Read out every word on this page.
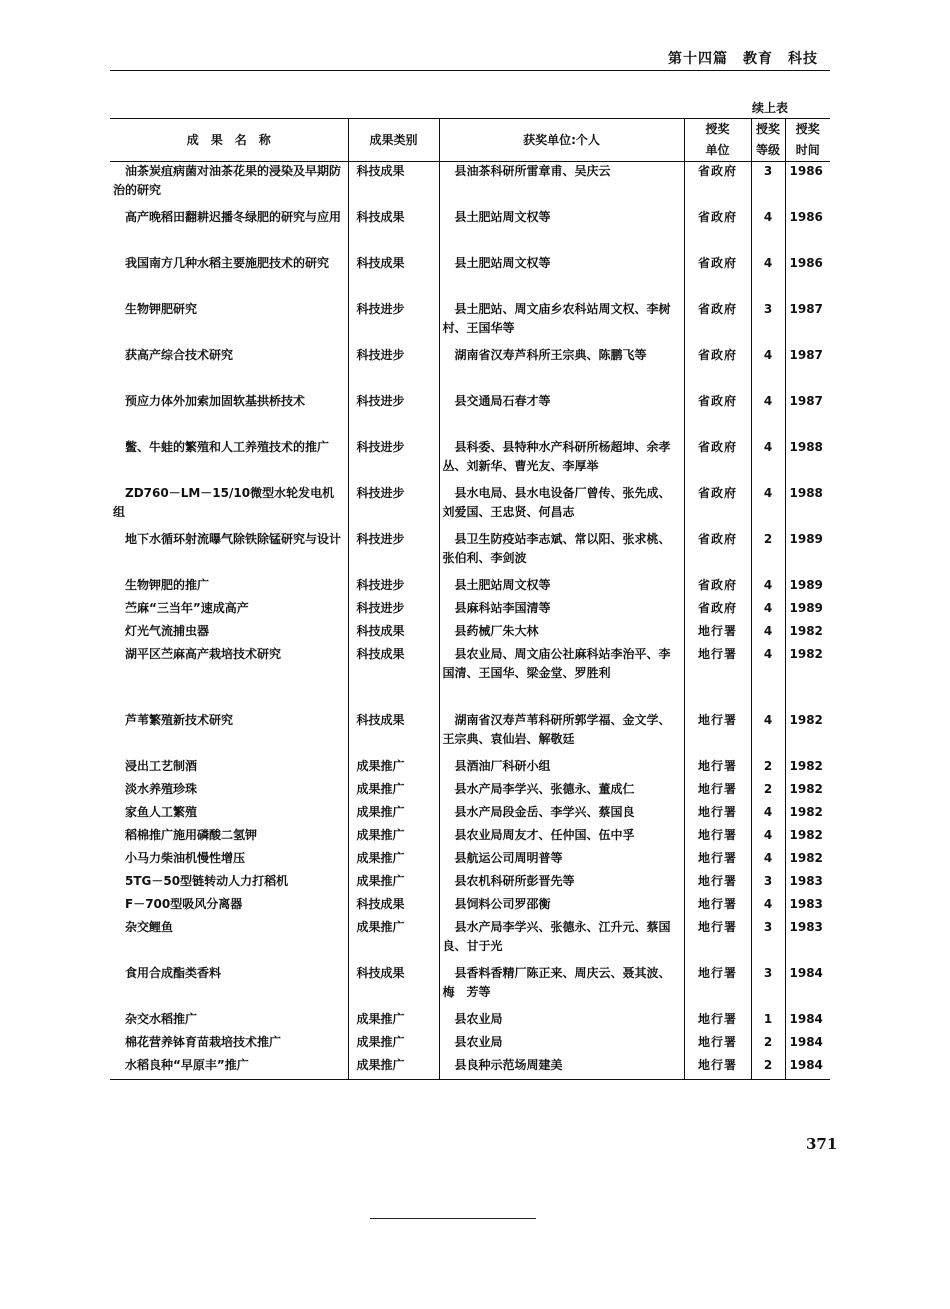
第十四篇　教育　科技
续上表
成　果　名　称	成果类别	获奖单位:个人	授奖	授奖	授奖
			单位	等级	时间
油茶炭疽病菌对油茶花果的浸染及早期防治的研究	科技成果	县油茶科研所雷章甫、吴庆云	省政府	3	1986
高产晚稻田翻耕迟播冬绿肥的研究与应用	科技成果	县土肥站周文权等	省政府	4	1986
我国南方几种水稻主要施肥技术的研究	科技成果	县土肥站周文权等	省政府	4	1986
生物钾肥研究	科技进步	县土肥站、周文庙乡农科站周文权、李树村、王国华等	省政府	3	1987
获高产综合技术研究	科技进步	湖南省汉寿芦科所王宗典、陈鹏飞等	省政府	4	1987
预应力体外加索加固软基拱桥技术	科技进步	县交通局石春才等	省政府	4	1987
鳖、牛蛙的繁殖和人工养殖技术的推广	科技进步	县科委、县特种水产科研所杨超坤、余孝丛、刘新华、曹光友、李厚举	省政府	4	1988
ZD760－LM－15/10微型水轮发电机组	科技进步	县水电局、县水电设备厂曾传、张先成、刘爱国、王忠贤、何昌志	省政府	4	1988
地下水循环射流曝气除铁除锰研究与设计	科技进步	县卫生防疫站李志斌、常以阳、张求桃、张伯利、李剑波	省政府	2	1989
生物钾肥的推广	科技进步	县土肥站周文权等	省政府	4	1989
苎麻“三当年”速成高产	科技进步	县麻科站李国清等	省政府	4	1989
灯光气流捕虫器	科技成果	县药械厂朱大林	地行署	4	1982
湖平区苎麻高产栽培技术研究	科技成果	县农业局、周文庙公社麻科站李治平、李国清、王国华、梁金堂、罗胜利	地行署	4	1982
芦苇繁殖新技术研究	科技成果	湖南省汉寿芦苇科研所郭学福、金文学、王宗典、袁仙岩、解敬廷	地行署	4	1982
浸出工艺制酒	成果推广	县酒油厂科研小组	地行署	2	1982
淡水养殖珍珠	成果推广	县水产局李学兴、张德永、董成仁	地行署	2	1982
家鱼人工繁殖	成果推广	县水产局段金岳、李学兴、蔡国良	地行署	4	1982
稻棉推广施用磷酸二氢钾	成果推广	县农业局周友才、任仲国、伍中孚	地行署	4	1982
小马力柴油机慢性增压	成果推广	县航运公司周明普等	地行署	4	1982
5TG－50型链转动人力打稻机	成果推广	县农机科研所彭晋先等	地行署	3	1983
F－700型吸风分离器	科技成果	县饲料公司罗邵衡	地行署	4	1983
杂交鲤鱼	成果推广	县水产局李学兴、张德永、江升元、蔡国良、甘于光	地行署	3	1983
食用合成酯类香料	科技成果	县香料香精厂陈正来、周庆云、聂其波、梅　芳等	地行署	3	1984
杂交水稻推广	成果推广	县农业局	地行署	1	1984
棉花营养钵育苗栽培技术推广	成果推广	县农业局	地行署	2	1984
水稻良种“早原丰”推广	成果推广	县良种示范场周建美	地行署	2	1984
371
